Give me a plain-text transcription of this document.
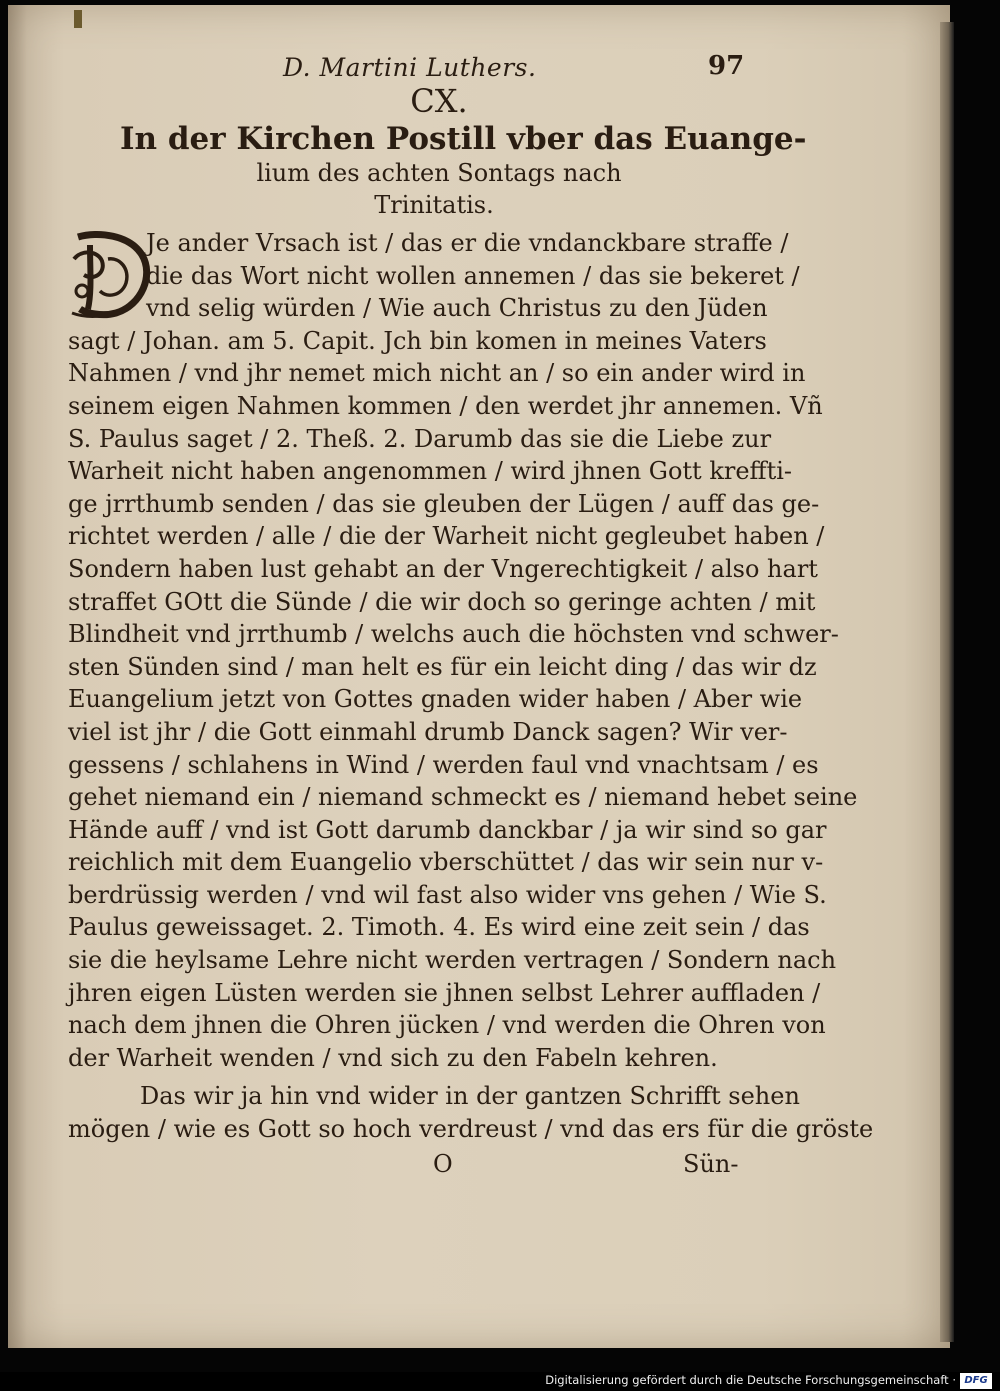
D. Martini Luthers.	97
CX.
In der Kirchen Postill vber das Euange-
lium des achten Sontags nach
Trinitatis.
Je ander Vrsach ist / das er die vndanckbare straffe /
die das Wort nicht wollen annemen / das sie bekeret /
vnd selig würden / Wie auch Christus zu den Jüden
sagt / Johan. am 5. Capit. Jch bin komen in meines Vaters
Nahmen / vnd jhr nemet mich nicht an / so ein ander wird in
seinem eigen Nahmen kommen / den werdet jhr annemen. Vñ
S. Paulus saget / 2. Theß. 2. Darumb das sie die Liebe zur
Warheit nicht haben angenommen / wird jhnen Gott kreffti-
ge jrrthumb senden / das sie gleuben der Lügen / auff das ge-
richtet werden / alle / die der Warheit nicht gegleubet haben /
Sondern haben lust gehabt an der Vngerechtigkeit / also hart
straffet GOtt die Sünde / die wir doch so geringe achten / mit
Blindheit vnd jrrthumb / welchs auch die höchsten vnd schwer-
sten Sünden sind / man helt es für ein leicht ding / das wir dz
Euangelium jetzt von Gottes gnaden wider haben / Aber wie
viel ist jhr / die Gott einmahl drumb Danck sagen? Wir ver-
gessens / schlahens in Wind / werden faul vnd vnachtsam / es
gehet niemand ein / niemand schmeckt es / niemand hebet seine
Hände auff / vnd ist Gott darumb danckbar / ja wir sind so gar
reichlich mit dem Euangelio vberschüttet / das wir sein nur v-
berdrüssig werden / vnd wil fast also wider vns gehen / Wie S.
Paulus geweissaget. 2. Timoth. 4. Es wird eine zeit sein / das
sie die heylsame Lehre nicht werden vertragen / Sondern nach
jhren eigen Lüsten werden sie jhnen selbst Lehrer auffladen /
nach dem jhnen die Ohren jücken / vnd werden die Ohren von
der Warheit wenden / vnd sich zu den Fabeln kehren.
Das wir ja hin vnd wider in der gantzen Schrifft sehen
mögen / wie es Gott so hoch verdreust / vnd das ers für die gröste
O	Sün-
Digitalisierung gefördert durch die Deutsche Forschungsgemeinschaft · DFG
